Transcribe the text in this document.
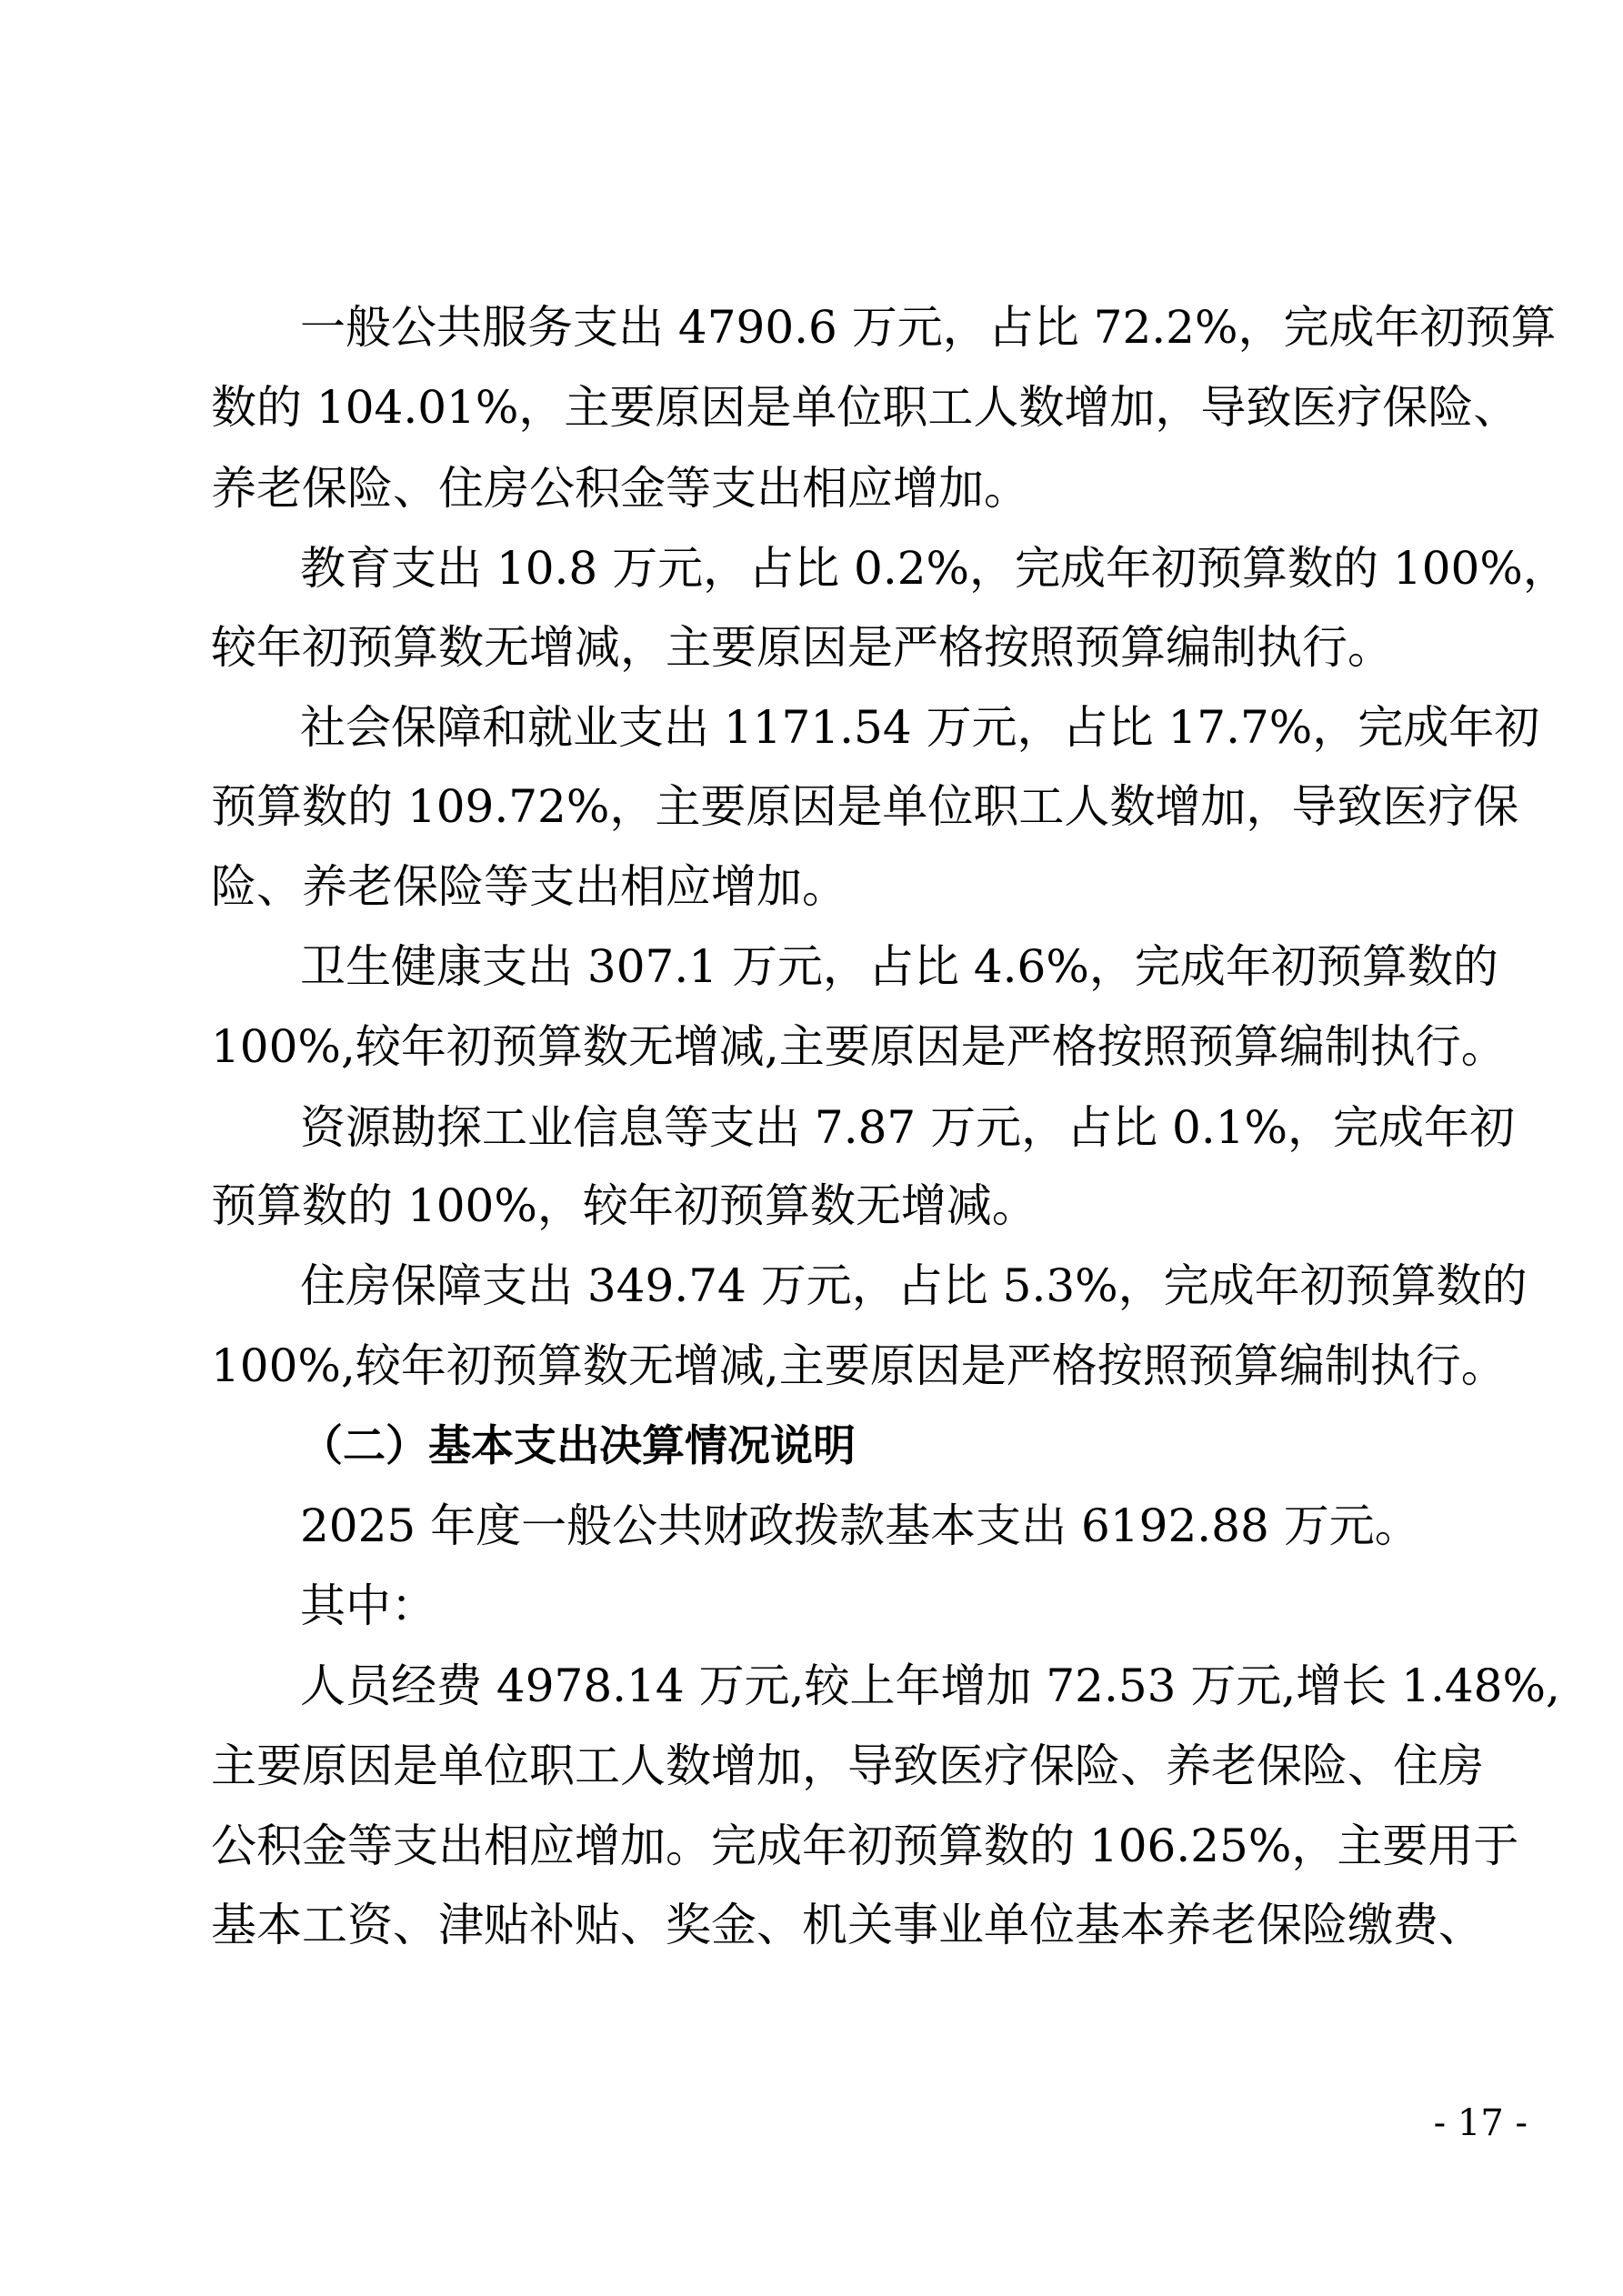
一般公共服务支出 4790.6 万元，占比 72.2%，完成年初预算

数的 104.01%，主要原因是单位职工人数增加，导致医疗保险、

养老保险、住房公积金等支出相应增加。

教育支出 10.8 万元，占比 0.2%，完成年初预算数的 100%，

较年初预算数无增减，主要原因是严格按照预算编制执行。

社会保障和就业支出 1171.54 万元，占比 17.7%，完成年初

预算数的 109.72%，主要原因是单位职工人数增加，导致医疗保

险、养老保险等支出相应增加。

卫生健康支出 307.1 万元，占比 4.6%，完成年初预算数的

100%,较年初预算数无增减,主要原因是严格按照预算编制执行。

资源勘探工业信息等支出 7.87 万元，占比 0.1%，完成年初

预算数的 100%，较年初预算数无增减。

住房保障支出 349.74 万元，占比 5.3%，完成年初预算数的

100%,较年初预算数无增减,主要原因是严格按照预算编制执行。

（二）基本支出决算情况说明

2025 年度一般公共财政拨款基本支出 6192.88 万元。

其中：

人员经费 4978.14 万元,较上年增加 72.53 万元,增长 1.48%,

主要原因是单位职工人数增加，导致医疗保险、养老保险、住房

公积金等支出相应增加。完成年初预算数的 106.25%，主要用于

基本工资、津贴补贴、奖金、机关事业单位基本养老保险缴费、

- 17 -
